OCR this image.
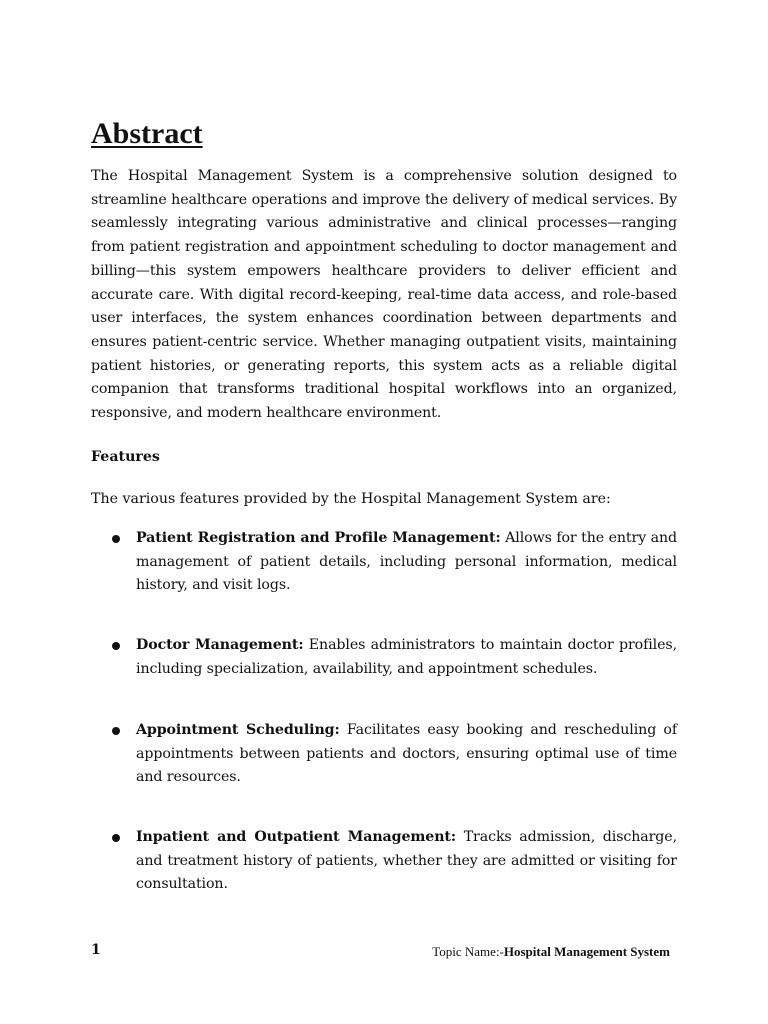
Abstract

The Hospital Management System is a comprehensive solution designed to streamline healthcare operations and improve the delivery of medical services. By seamlessly integrating various administrative and clinical processes—ranging from patient registration and appointment scheduling to doctor management and billing—this system empowers healthcare providers to deliver efficient and accurate care. With digital record-keeping, real-time data access, and role-based user interfaces, the system enhances coordination between departments and ensures patient-centric service. Whether managing outpatient visits, maintaining patient histories, or generating reports, this system acts as a reliable digital companion that transforms traditional hospital workflows into an organized, responsive, and modern healthcare environment.

Features

The various features provided by the Hospital Management System are:

Patient Registration and Profile Management: Allows for the entry and management of patient details, including personal information, medical history, and visit logs.

Doctor Management: Enables administrators to maintain doctor profiles, including specialization, availability, and appointment schedules.

Appointment Scheduling: Facilitates easy booking and rescheduling of appointments between patients and doctors, ensuring optimal use of time and resources.

Inpatient and Outpatient Management: Tracks admission, discharge, and treatment history of patients, whether they are admitted or visiting for consultation.

1	Topic Name:-Hospital Management System
